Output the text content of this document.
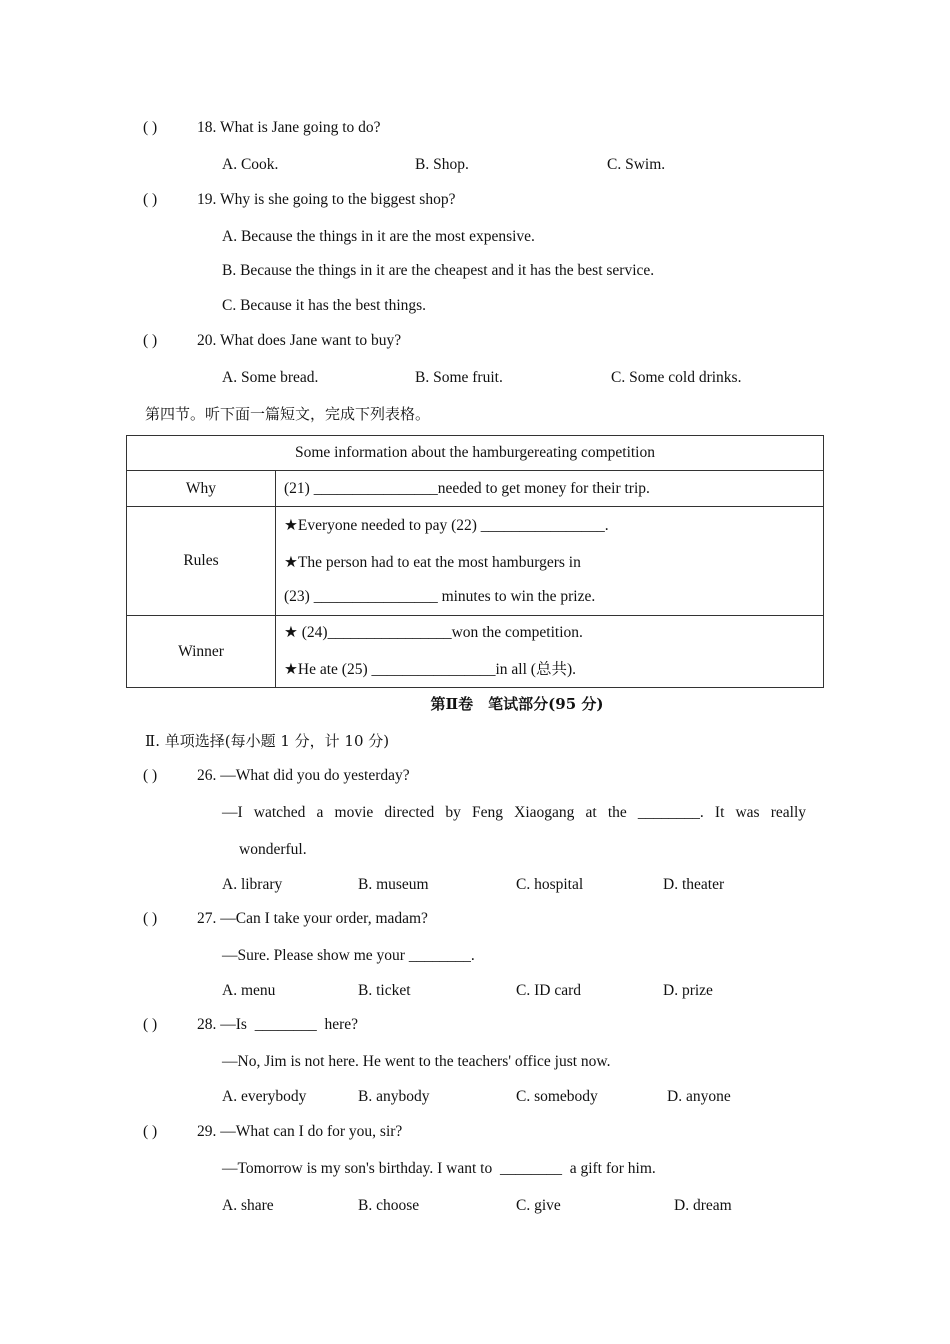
( )	18. What is Jane going to do?
A. Cook.	B. Shop.	C. Swim.
( )	19. Why is she going to the biggest shop?
A. Because the things in it are the most expensive.
B. Because the things in it are the cheapest and it has the best service.
C. Because it has the best things.
( )	20. What does Jane want to buy?
A. Some bread.	B. Some fruit.	C. Some cold drinks.
第四节。听下面一篇短文，完成下列表格。
Some information about the hamburgereating competition	
Why	(21) ________________needed to get money for their trip.
Rules	★Everyone needed to pay (22) ________________.

★The person had to eat the most hamburgers in

(23) ________________ minutes to win the prize.

Winner	★ (24)________________won the competition.

★He ate (25) ________________in all (总共).

第Ⅱ卷　笔试部分(95 分)
Ⅱ. 单项选择(每小题 1 分，计 10 分)
( )	26. —What did you do yesterday?
—I watched a movie directed by Feng Xiaogang at the ________. It was really
wonderful.
A. library	B. museum	C. hospital	D. theater
( )	27. —Can I take your order, madam?
—Sure. Please show me your ________.
A. menu	B. ticket	C. ID card	D. prize
( )	28. —Is  ________  here?
—No, Jim is not here. He went to the teachers' office just now.
A. everybody	B. anybody	C. somebody	D. anyone
( )	29. —What can I do for you, sir?
—Tomorrow is my son's birthday. I want to  ________  a gift for him.
A. share	B. choose	C. give	D. dream
